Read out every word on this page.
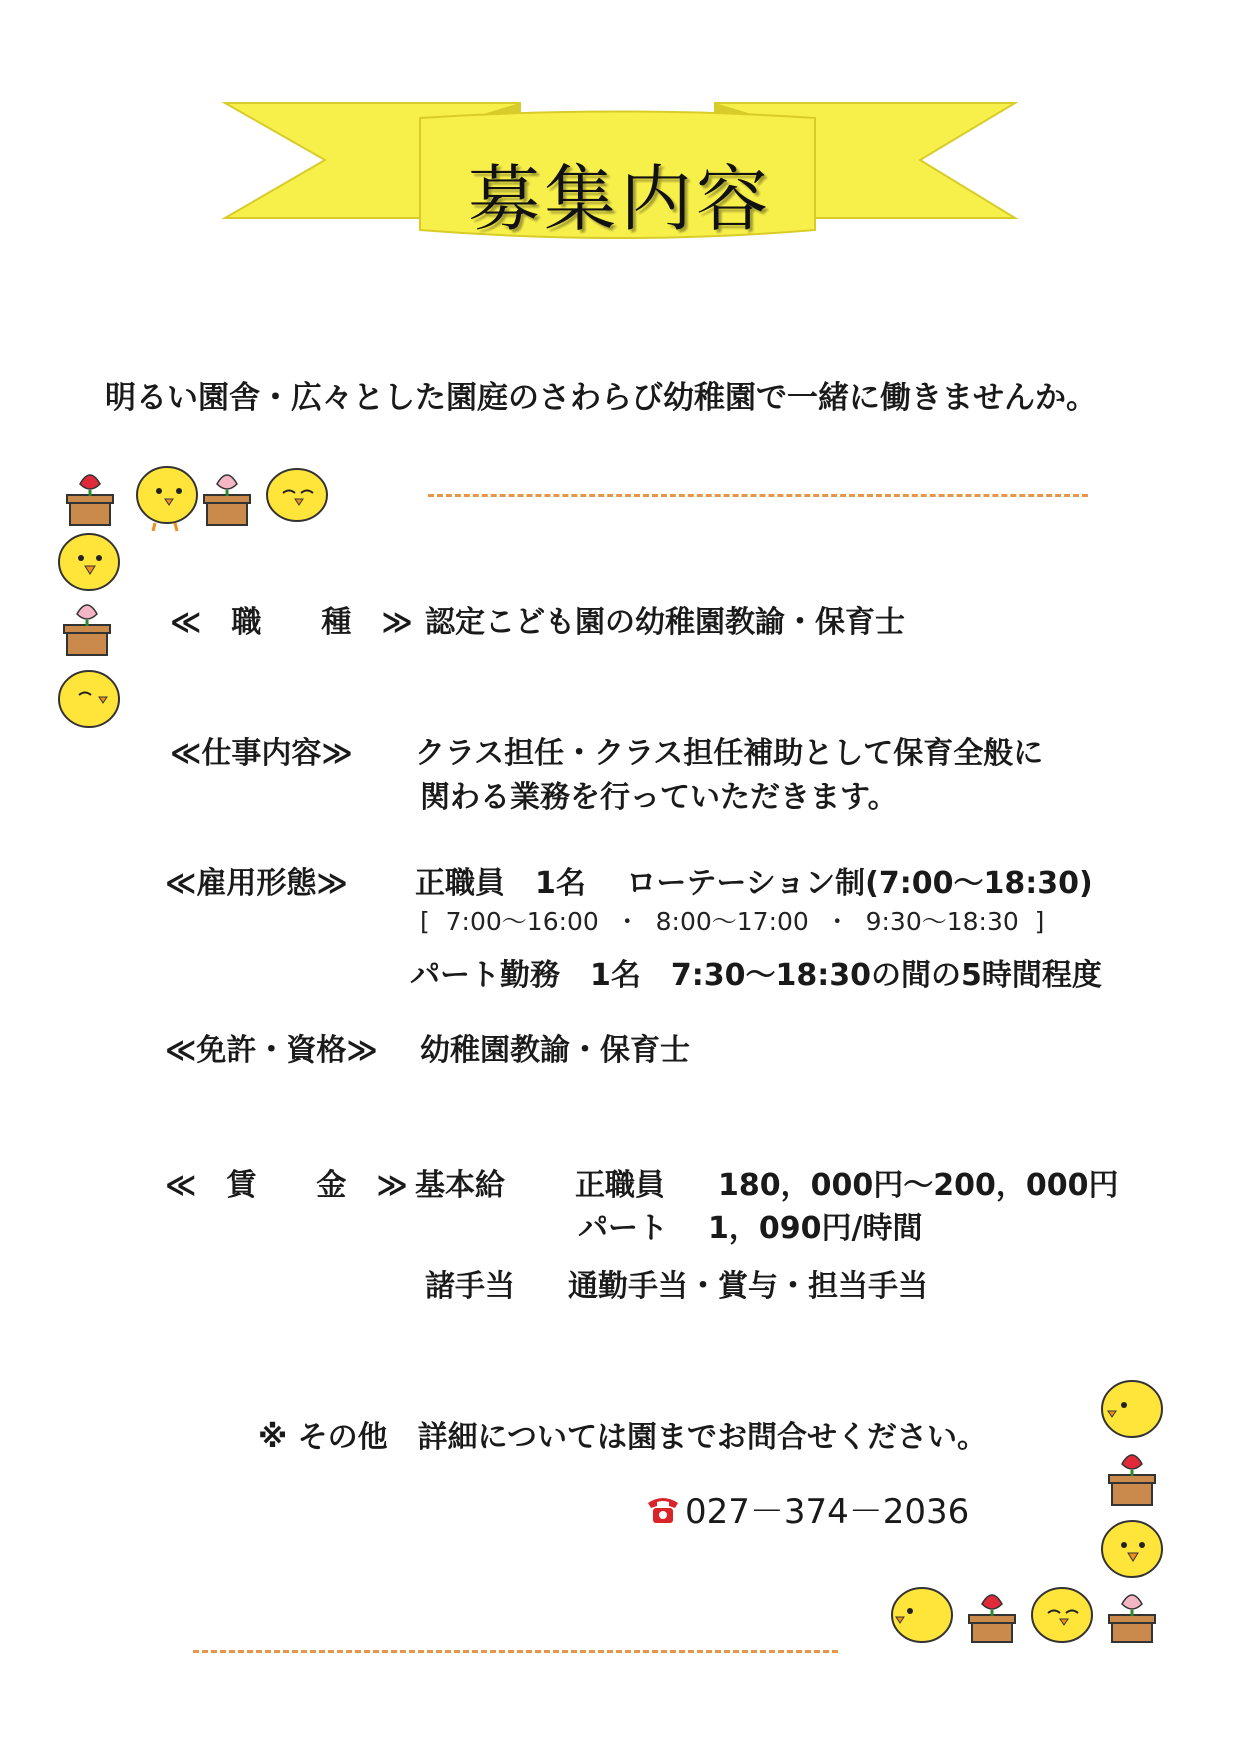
募集内容
明るい園舎・広々とした園庭のさわらび幼稚園で一緒に働きませんか。
≪　職　　種　≫ 認定こども園の幼稚園教諭・保育士
≪仕事内容≫ クラス担任・クラス担任補助として保育全般に
関わる業務を行っていただきます。
≪雇用形態≫ 正職員　1名　 ローテーション制(7:00～18:30)
[  7:00～16:00  ・  8:00～17:00  ・  9:30～18:30  ]
パート勤務　1名　7:30～18:30の間の5時間程度
≪免許・資格≫ 幼稚園教諭・保育士
≪　賃　　金　≫ 基本給 正職員 180，000円～200，000円
パート 1，090円/時間
諸手当 通勤手当・賞与・担当手当
※ その他　詳細については園までお問合せください。
027－374－2036
